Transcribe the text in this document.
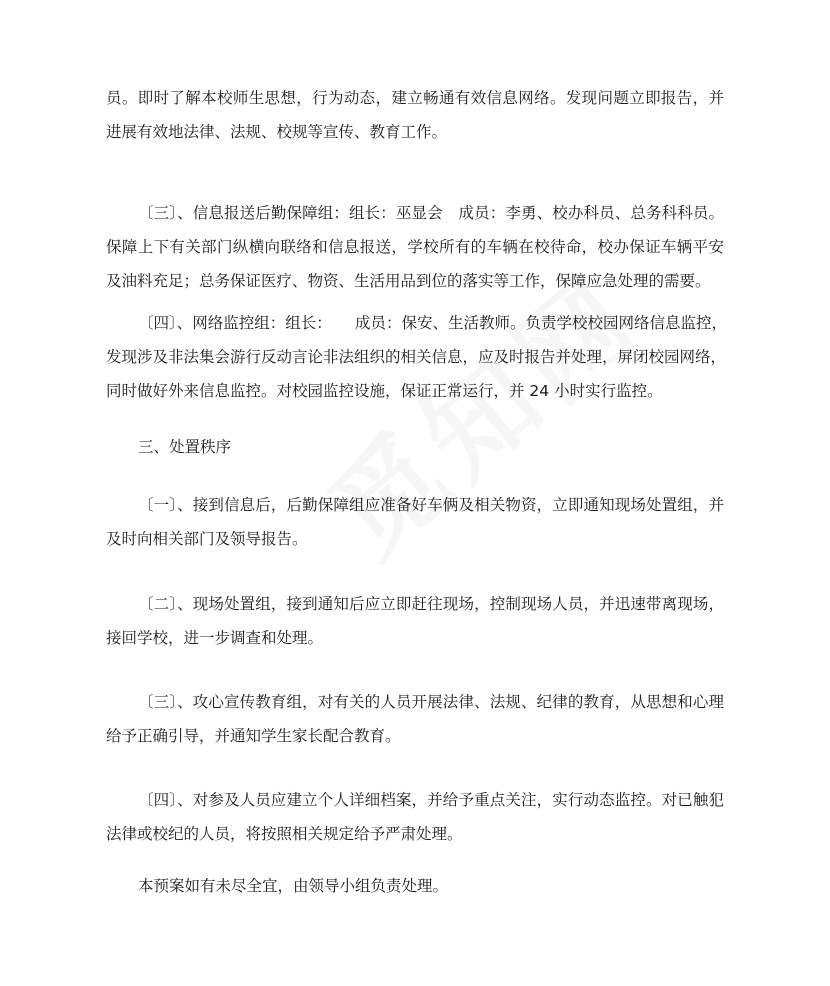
员。即时了解本校师生思想，行为动态，建立畅通有效信息网络。发现问题立即报告，并
进展有效地法律、法规、校规等宣传、教育工作。
〔三〕、信息报送后勤保障组：组长：巫显会　成员：李勇、校办科员、总务科科员。
保障上下有关部门纵横向联络和信息报送，学校所有的车辆在校待命，校办保证车辆平安
及油料充足；总务保证医疗、物资、生活用品到位的落实等工作，保障应急处理的需要。
〔四〕、网络监控组：组长：　　成员：保安、生活教师。负责学校校园网络信息监控，
发现涉及非法集会游行反动言论非法组织的相关信息，应及时报告并处理，屏闭校园网络，
同时做好外来信息监控。对校园监控设施，保证正常运行，并 24 小时实行监控。
三、处置秩序
〔一〕、接到信息后，后勤保障组应准备好车俩及相关物资，立即通知现场处置组，并
及时向相关部门及领导报告。
〔二〕、现场处置组，接到通知后应立即赶往现场，控制现场人员，并迅速带离现场，
接回学校，进一步调查和处理。
〔三〕、攻心宣传教育组，对有关的人员开展法律、法规、纪律的教育，从思想和心理
给予正确引导，并通知学生家长配合教育。
〔四〕、对参及人员应建立个人详细档案，并给予重点关注，实行动态监控。对已触犯
法律或校纪的人员，将按照相关规定给予严肃处理。
本预案如有未尽全宜，由领导小组负责处理。
